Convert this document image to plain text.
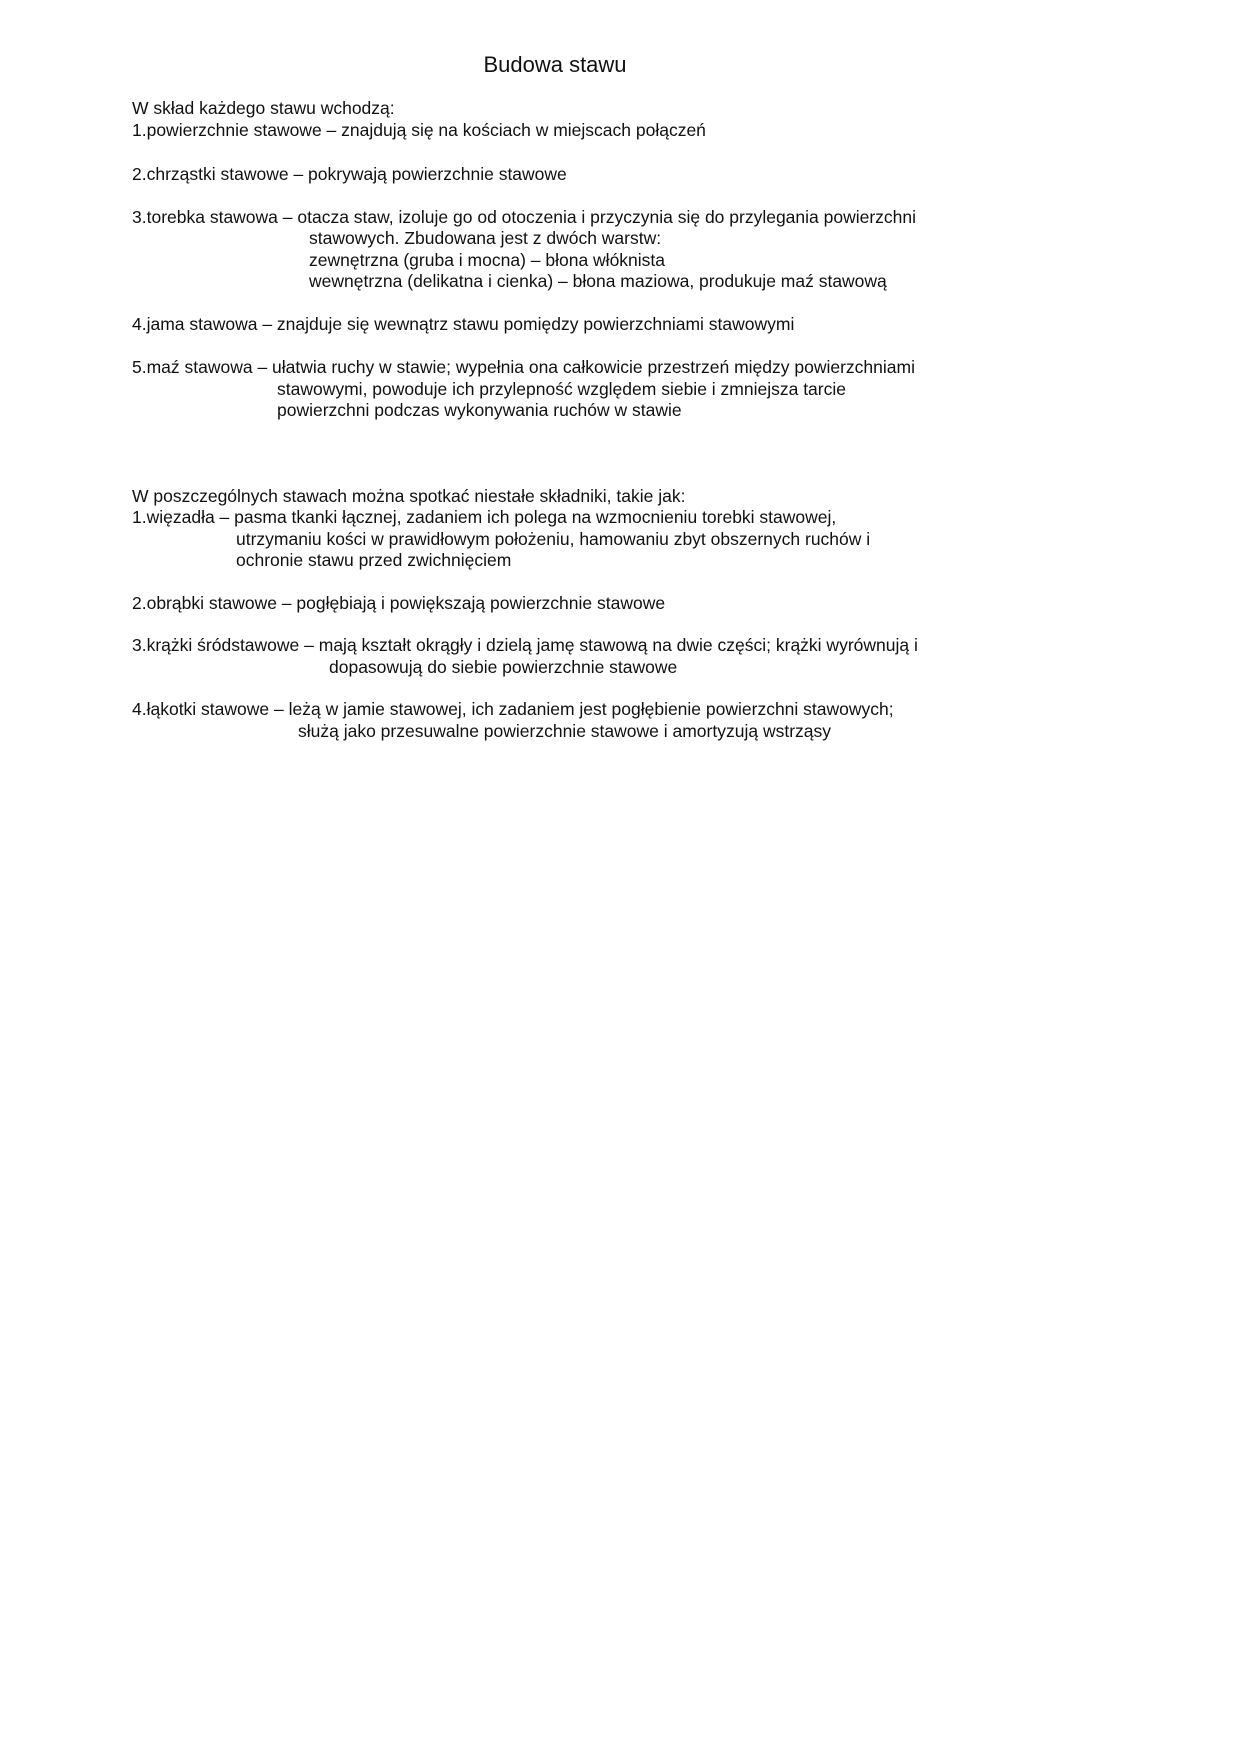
Budowa stawu

W skład każdego stawu wchodzą:

1.powierzchnie stawowe – znajdują się na kościach w miejscach połączeń

2.chrząstki stawowe – pokrywają powierzchnie stawowe

3.torebka stawowa – otacza staw, izoluje go od otoczenia i przyczynia się do przylegania powierzchni

stawowych. Zbudowana jest z dwóch warstw:

zewnętrzna (gruba i mocna) – błona włóknista

wewnętrzna (delikatna i cienka) – błona maziowa, produkuje maź stawową

4.jama stawowa – znajduje się wewnątrz stawu pomiędzy powierzchniami stawowymi

5.maź stawowa – ułatwia ruchy w stawie; wypełnia ona całkowicie przestrzeń między powierzchniami

stawowymi, powoduje ich przylepność względem siebie i zmniejsza tarcie

powierzchni podczas wykonywania ruchów w stawie

W poszczególnych stawach można spotkać niestałe składniki, takie jak:

1.więzadła – pasma tkanki łącznej, zadaniem ich polega na wzmocnieniu torebki stawowej,

utrzymaniu kości w prawidłowym położeniu, hamowaniu zbyt obszernych ruchów i

ochronie stawu przed zwichnięciem

2.obrąbki stawowe – pogłębiają i powiększają powierzchnie stawowe

3.krążki śródstawowe – mają kształt okrągły i dzielą jamę stawową na dwie części; krążki wyrównują i

dopasowują do siebie powierzchnie stawowe

4.łąkotki stawowe – leżą w jamie stawowej, ich zadaniem jest pogłębienie powierzchni stawowych;

służą jako przesuwalne powierzchnie stawowe i amortyzują wstrząsy
